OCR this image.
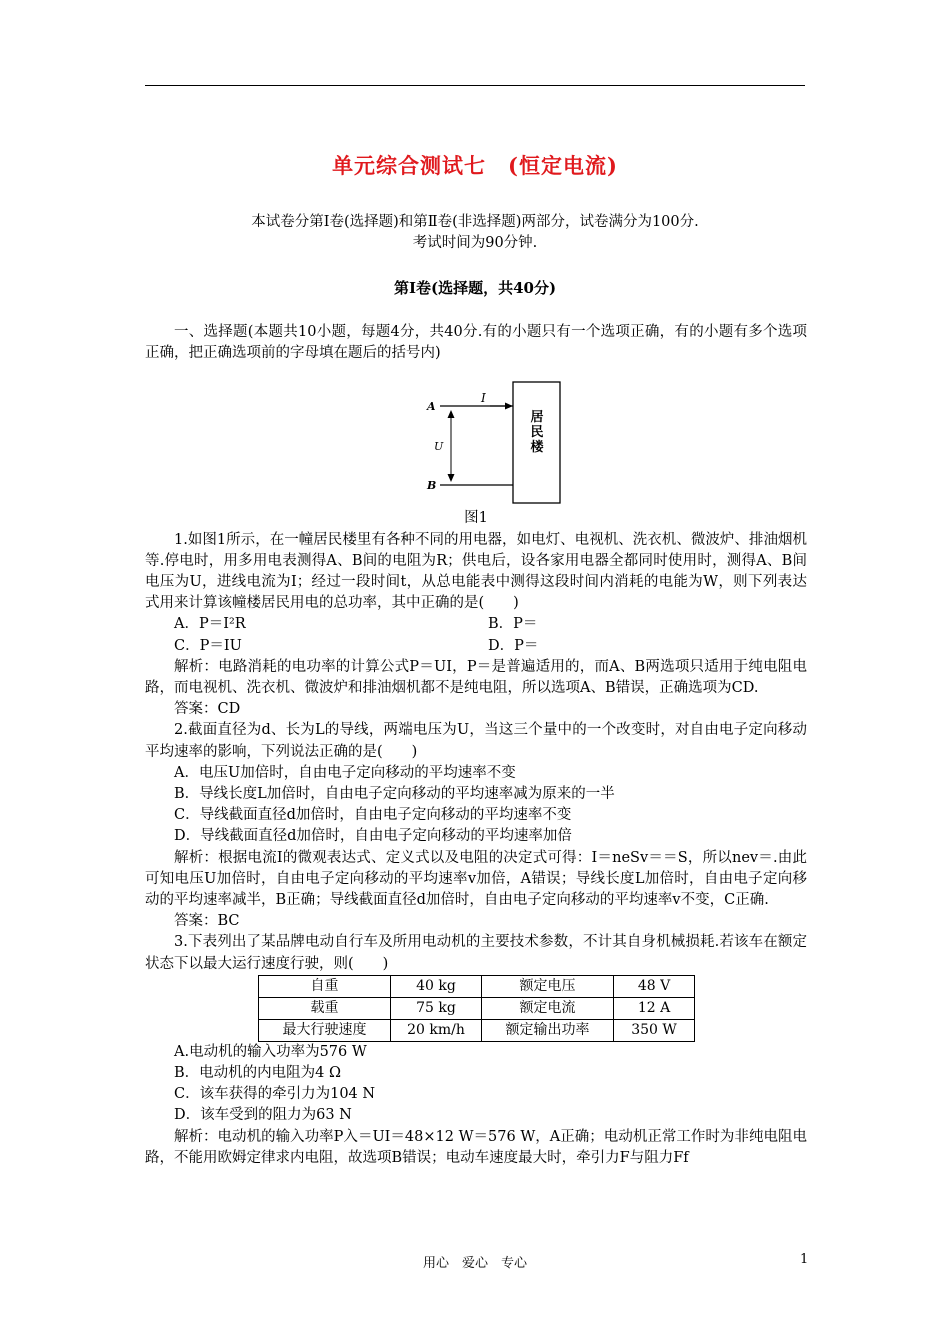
单元综合测试七　(恒定电流)
本试卷分第Ⅰ卷(选择题)和第Ⅱ卷(非选择题)两部分，试卷满分为100分.
考试时间为90分钟.
第Ⅰ卷(选择题，共40分)

一、选择题(本题共10小题，每题4分，共40分.有的小题只有一个选项正确，有的小题有多个选项正确，把正确选项前的字母填在题后的括号内)

A
B
I
U
居民楼

图1

1.如图1所示，在一幢居民楼里有各种不同的用电器，如电灯、电视机、洗衣机、微波炉、排油烟机等.停电时，用多用电表测得A、B间的电阻为R；供电后，设各家用电器全都同时使用时，测得A、B间电压为U，进线电流为I；经过一段时间t，从总电能表中测得这段时间内消耗的电能为W，则下列表达式用来计算该幢楼居民用电的总功率，其中正确的是(　　)

A．P＝I²R	B．P＝
C．P＝IU	D．P＝

解析：电路消耗的电功率的计算公式P＝UI，P＝是普遍适用的，而A、B两选项只适用于纯电阻电路，而电视机、洗衣机、微波炉和排油烟机都不是纯电阻，所以选项A、B错误，正确选项为CD.

答案：CD

2.截面直径为d、长为L的导线，两端电压为U，当这三个量中的一个改变时，对自由电子定向移动平均速率的影响，下列说法正确的是(　　)

A．电压U加倍时，自由电子定向移动的平均速率不变

B．导线长度L加倍时，自由电子定向移动的平均速率减为原来的一半

C．导线截面直径d加倍时，自由电子定向移动的平均速率不变

D．导线截面直径d加倍时，自由电子定向移动的平均速率加倍

解析：根据电流I的微观表达式、定义式以及电阻的决定式可得：I＝neSv＝＝S，所以nev＝.由此可知电压U加倍时，自由电子定向移动的平均速率v加倍，A错误；导线长度L加倍时，自由电子定向移动的平均速率减半，B正确；导线截面直径d加倍时，自由电子定向移动的平均速率v不变，C正确.

答案：BC

3.下表列出了某品牌电动自行车及所用电动机的主要技术参数，不计其自身机械损耗.若该车在额定状态下以最大运行速度行驶，则(　　)

自重	40 kg	额定电压	48 V
载重	75 kg	额定电流	12 A
最大行驶速度	20 km/h	额定输出功率	350 W

A.电动机的输入功率为576 W

B．电动机的内电阻为4 Ω

C．该车获得的牵引力为104 N

D．该车受到的阻力为63 N

解析：电动机的输入功率P入＝UI＝48×12 W＝576 W，A正确；电动机正常工作时为非纯电阻电路，不能用欧姆定律求内电阻，故选项B错误；电动车速度最大时，牵引力F与阻力Ff

用心　爱心　专心	1
